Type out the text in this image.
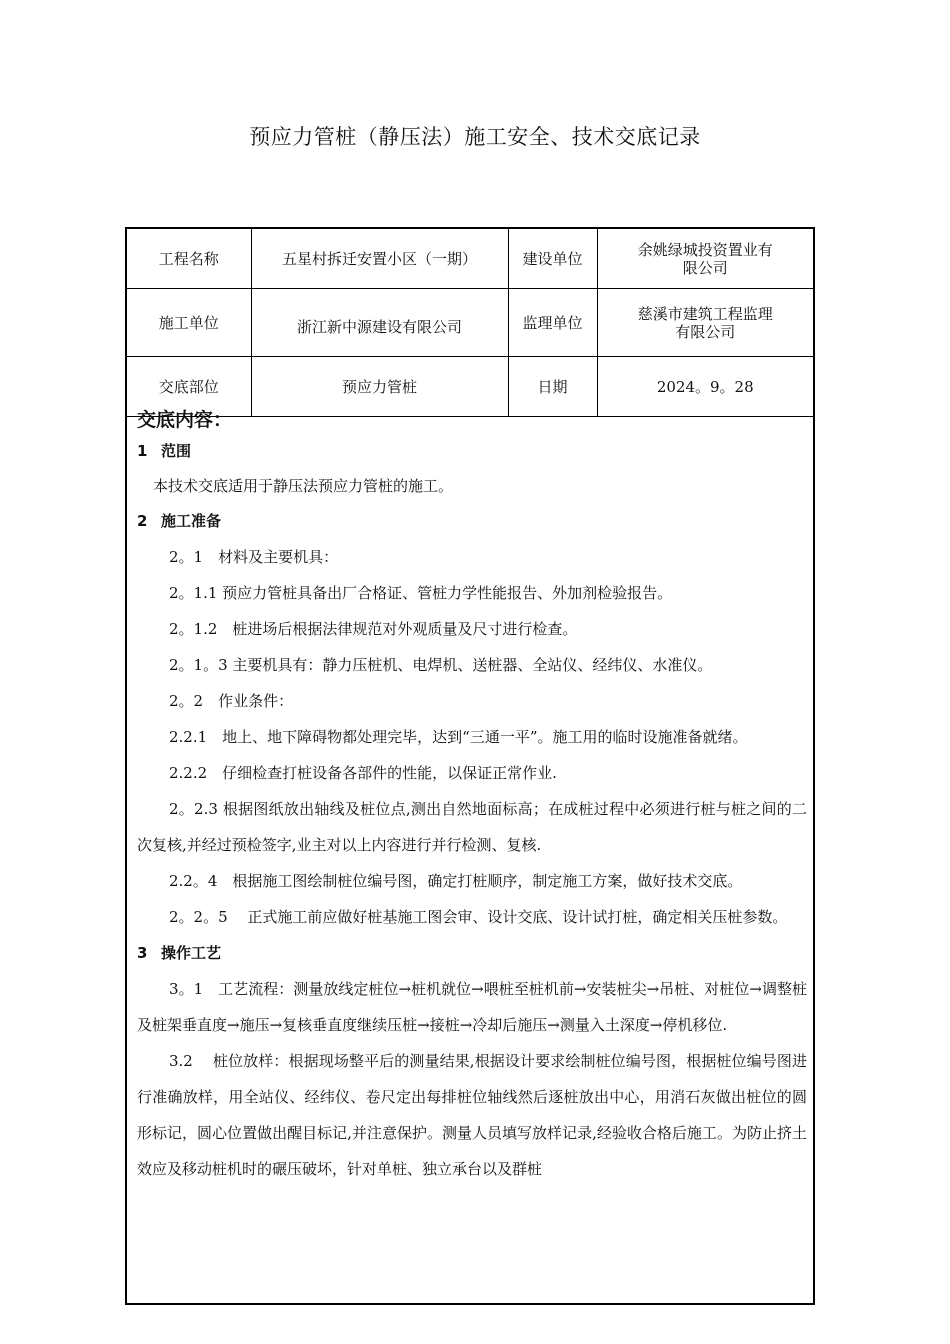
预应力管桩（静压法）施工安全、技术交底记录
工程名称	五星村拆迁安置小区（一期）	建设单位	余姚绿城投资置业有限公司
施工单位	浙江新中源建设有限公司	监理单位	慈溪市建筑工程监理有限公司
交底部位	预应力管桩	日期	2024。9。28
交底内容：
1 范围

本技术交底适用于静压法预应力管桩的施工。

2 施工准备

2。1　材料及主要机具：

2。1.1 预应力管桩具备出厂合格证、管桩力学性能报告、外加剂检验报告。

2。1.2　桩进场后根据法律规范对外观质量及尺寸进行检查。

2。1。3 主要机具有：静力压桩机、电焊机、送桩器、全站仪、经纬仪、水准仪。

2。2　作业条件：

2.2.1　地上、地下障碍物都处理完毕，达到“三通一平”。施工用的临时设施准备就绪。

2.2.2　仔细检查打桩设备各部件的性能，以保证正常作业.

2。2.3 根据图纸放出轴线及桩位点,测出自然地面标高；在成桩过程中必须进行桩与桩之间的二次复核,并经过预检签字,业主对以上内容进行并行检测、复核.

2.2。4　根据施工图绘制桩位编号图，确定打桩顺序，制定施工方案，做好技术交底。

2。2。5　 正式施工前应做好桩基施工图会审、设计交底、设计试打桩，确定相关压桩参数。

3 操作工艺

3。1　工艺流程：测量放线定桩位→桩机就位→喂桩至桩机前→安装桩尖→吊桩、对桩位→调整桩及桩架垂直度→施压→复核垂直度继续压桩→接桩→冷却后施压→测量入土深度→停机移位.

3.2　 桩位放样：根据现场整平后的测量结果,根据设计要求绘制桩位编号图，根据桩位编号图进行准确放样，用全站仪、经纬仪、卷尺定出每排桩位轴线然后逐桩放出中心，用消石灰做出桩位的圆形标记，圆心位置做出醒目标记,并注意保护。测量人员填写放样记录,经验收合格后施工。为防止挤土效应及移动桩机时的碾压破坏，针对单桩、独立承台以及群桩
